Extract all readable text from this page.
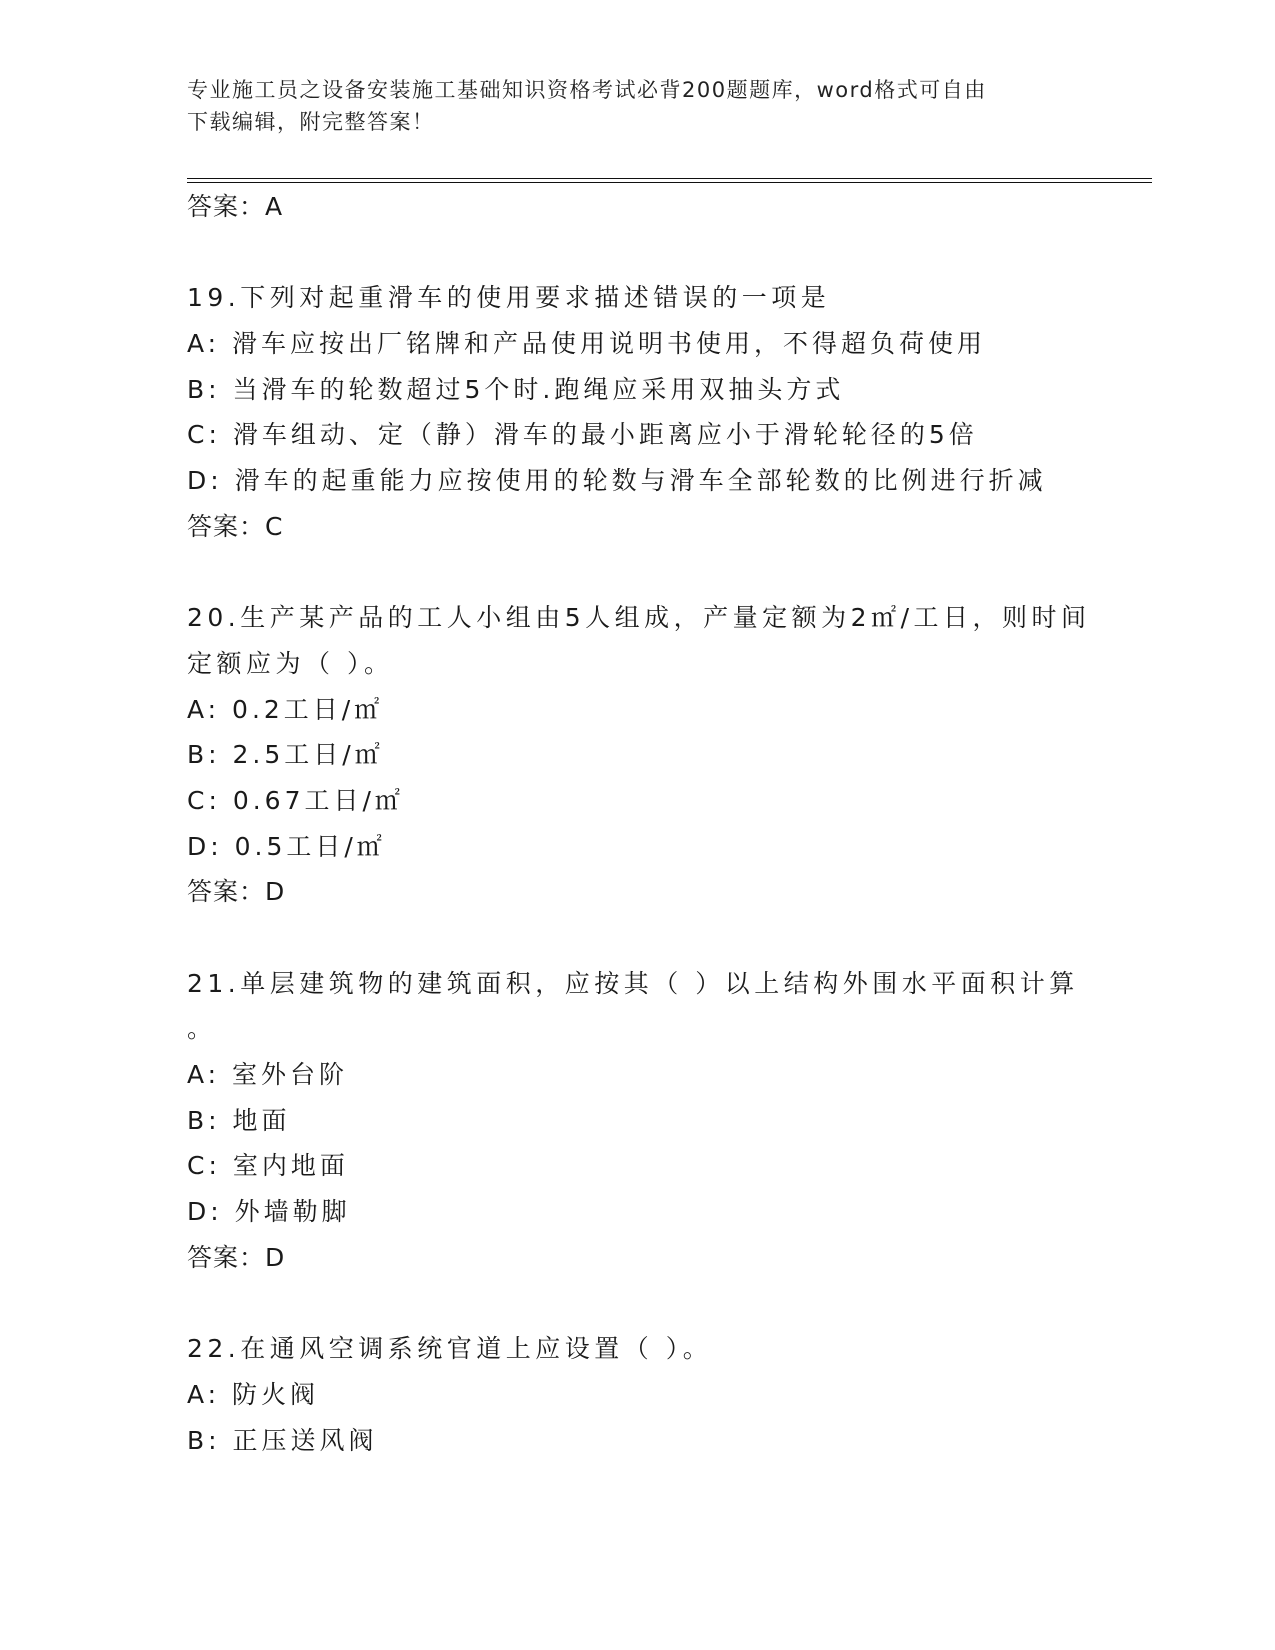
专业施工员之设备安装施工基础知识资格考试必背200题题库，word格式可自由
下载编辑，附完整答案！
答案：A
19.下列对起重滑车的使用要求描述错误的一项是
A: 滑车应按出厂铭牌和产品使用说明书使用，不得超负荷使用
B: 当滑车的轮数超过5个时.跑绳应采用双抽头方式
C: 滑车组动、定（静）滑车的最小距离应小于滑轮轮径的5倍
D: 滑车的起重能力应按使用的轮数与滑车全部轮数的比例进行折减
答案：C
20.生产某产品的工人小组由5人组成，产量定额为2㎡/工日，则时间
定额应为（ ）。
A: 0.2工日/㎡
B: 2.5工日/㎡
C: 0.67工日/㎡
D: 0.5工日/㎡
答案：D
21.单层建筑物的建筑面积，应按其（ ）以上结构外围水平面积计算
。
A: 室外台阶
B: 地面
C: 室内地面
D: 外墙勒脚
答案：D
22.在通风空调系统官道上应设置（ ）。
A: 防火阀
B: 正压送风阀
